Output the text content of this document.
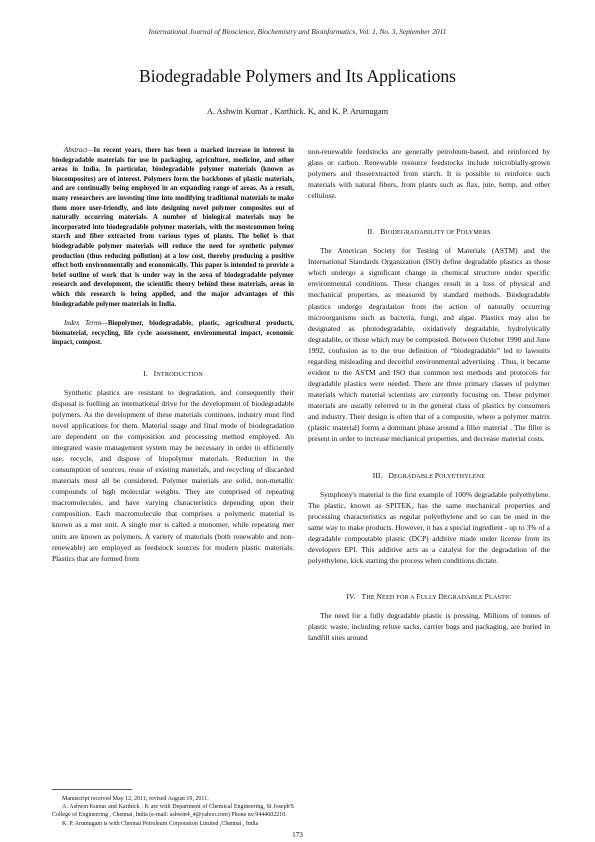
International Journal of Bioscience, Biochemistry and Bioinformatics, Vol. 1, No. 3, September 2011
Biodegradable Polymers and Its Applications
A. Ashwin Kumar , Karthick. K, and K. P. Arumugam

Abstract—In recent years, there has been a marked increase in interest in biodegradable materials for use in packaging, agriculture, medicine, and other areas in India. In particular, biodegradable polymer materials (known as biocomposites) are of interest. Polymers form the backbones of plastic materials, and are continually being employed in an expanding range of areas. As a result, many researchers are investing time into modifying traditional materials to make them more user-friendly, and into designing novel polymer composites out of naturally occurring materials. A number of biological materials may be incorporated into biodegradable polymer materials, with the mostcommon being starch and fiber extracted from various types of plants. The belief is that biodegradable polymer materials will reduce the need for synthetic polymer production (thus reducing pollution) at a low cost, thereby producing a positive effect both environmentally and economically. This paper is intended to provide a brief outline of work that is under way in the area of biodegradable polymer research and development, the scientific theory behind these materials, areas in which this research is being applied, and the major advantages of this biodegradable polymer materials in India.

Index Terms—Biopolymer, biodegradable, plastic, agricultural products, biomaterial, recycling, life cycle assessment, environmental impact, economic impact, compost.

I. INTRODUCTION

Synthetic plastics are resistant to degradation, and consequently their disposal is fuelling an international drive for the development of biodegradable polymers. As the development of these materials continues, industry must find novel applications for them. Material usage and final mode of biodegradation are dependent on the composition and processing method employed. An integrated waste management system may be necessary in order to efficiently use, recycle, and dispose of biopolymer materials. Reduction in the consumption of sources, reuse of existing materials, and recycling of discarded materials must all be considered. Polymer materials are solid, non-metallic compounds of high molecular weights. They are comprised of repeating macromolecules, and have varying characteristics depending upon their composition. Each macromolecule that comprises a polymeric material is known as a mer unit. A single mer is called a monomer, while repeating mer units are known as polymers. A variety of materials (both renewable and non-renewable) are employed as feedstock sources for modern plastic materials. Plastics that are formed from

non-renewable feedstocks are generally petroleum-based, and reinforced by glass or carbon. Renewable resource feedstocks include microbially-grown polymers and thoseextracted from starch. It is possible to reinforce such materials with natural fibers, from plants such as flax, jute, hemp, and other cellulose.

II. BIODEGRADABILITY OF POLYMERS

The American Society for Testing of Materials (ASTM) and the International Standards Organization (ISO) define degradable plastics as those which undergo a significant change in chemical structure under specific environmental conditions. These changes result in a loss of physical and mechanical properties, as measured by standard methods. Biodegradable plastics undergo degradation from the action of naturally occurring microorganisms such as bacteria, fungi, and algae. Plastics may also be designated as photodegradable, oxidatively degradable, hydrolytically degradable, or those which may be composted. Between October 1990 and June 1992, confusion as to the true definition of “biodegradable” led to lawsuits regarding misleading and deceitful environmental advertising . Thus, it became evident to the ASTM and ISO that common test methods and protocols for degradable plastics were needed. There are three primary classes of polymer materials which material scientists are currently focusing on. These polymer materials are usually referred to in the general class of plastics by consumers and industry. Their design is often that of a composite, where a polymer matrix (plastic material) forms a dominant phase around a filler material . The filler is present in order to increase mechanical properties, and decrease material costs.

III. DEGRADABLE POLYETHYLENE

Symphony's material is the first example of 100% degradable polyethylene. The plastic, known as SPITEK, has the same mechanical properties and processing characteristics as regular polyethylene and so can be used in the same way to make products. However, it has a special ingredient - up to 3% of a degradable compostable plastic (DCP) additive made under license from its developers EPI. This additive acts as a catalyst for the degradation of the polyethylene, kick starting the process when conditions dictate.

IV. THE NEED FOR A FULLY DEGRADABLE PLASTIC

The need for a fully degradable plastic is pressing. Millions of tonnes of plastic waste, including refuse sacks, carrier bags and packaging, are buried in landfill sites around

Manuscript received May 12, 2011; revised August 19, 2011.

A. Ashwin Kumar and Karthick . K are with Department of Chemical Engineering, St Joseph'S College of Engineering , Chennai, India (e-mail: ashwin4_4@yahoo.com) Phone no 9444602210.

K. P. Arumugam is with Chennai Petroleum Corporation Limited ,Chennai , India

173
